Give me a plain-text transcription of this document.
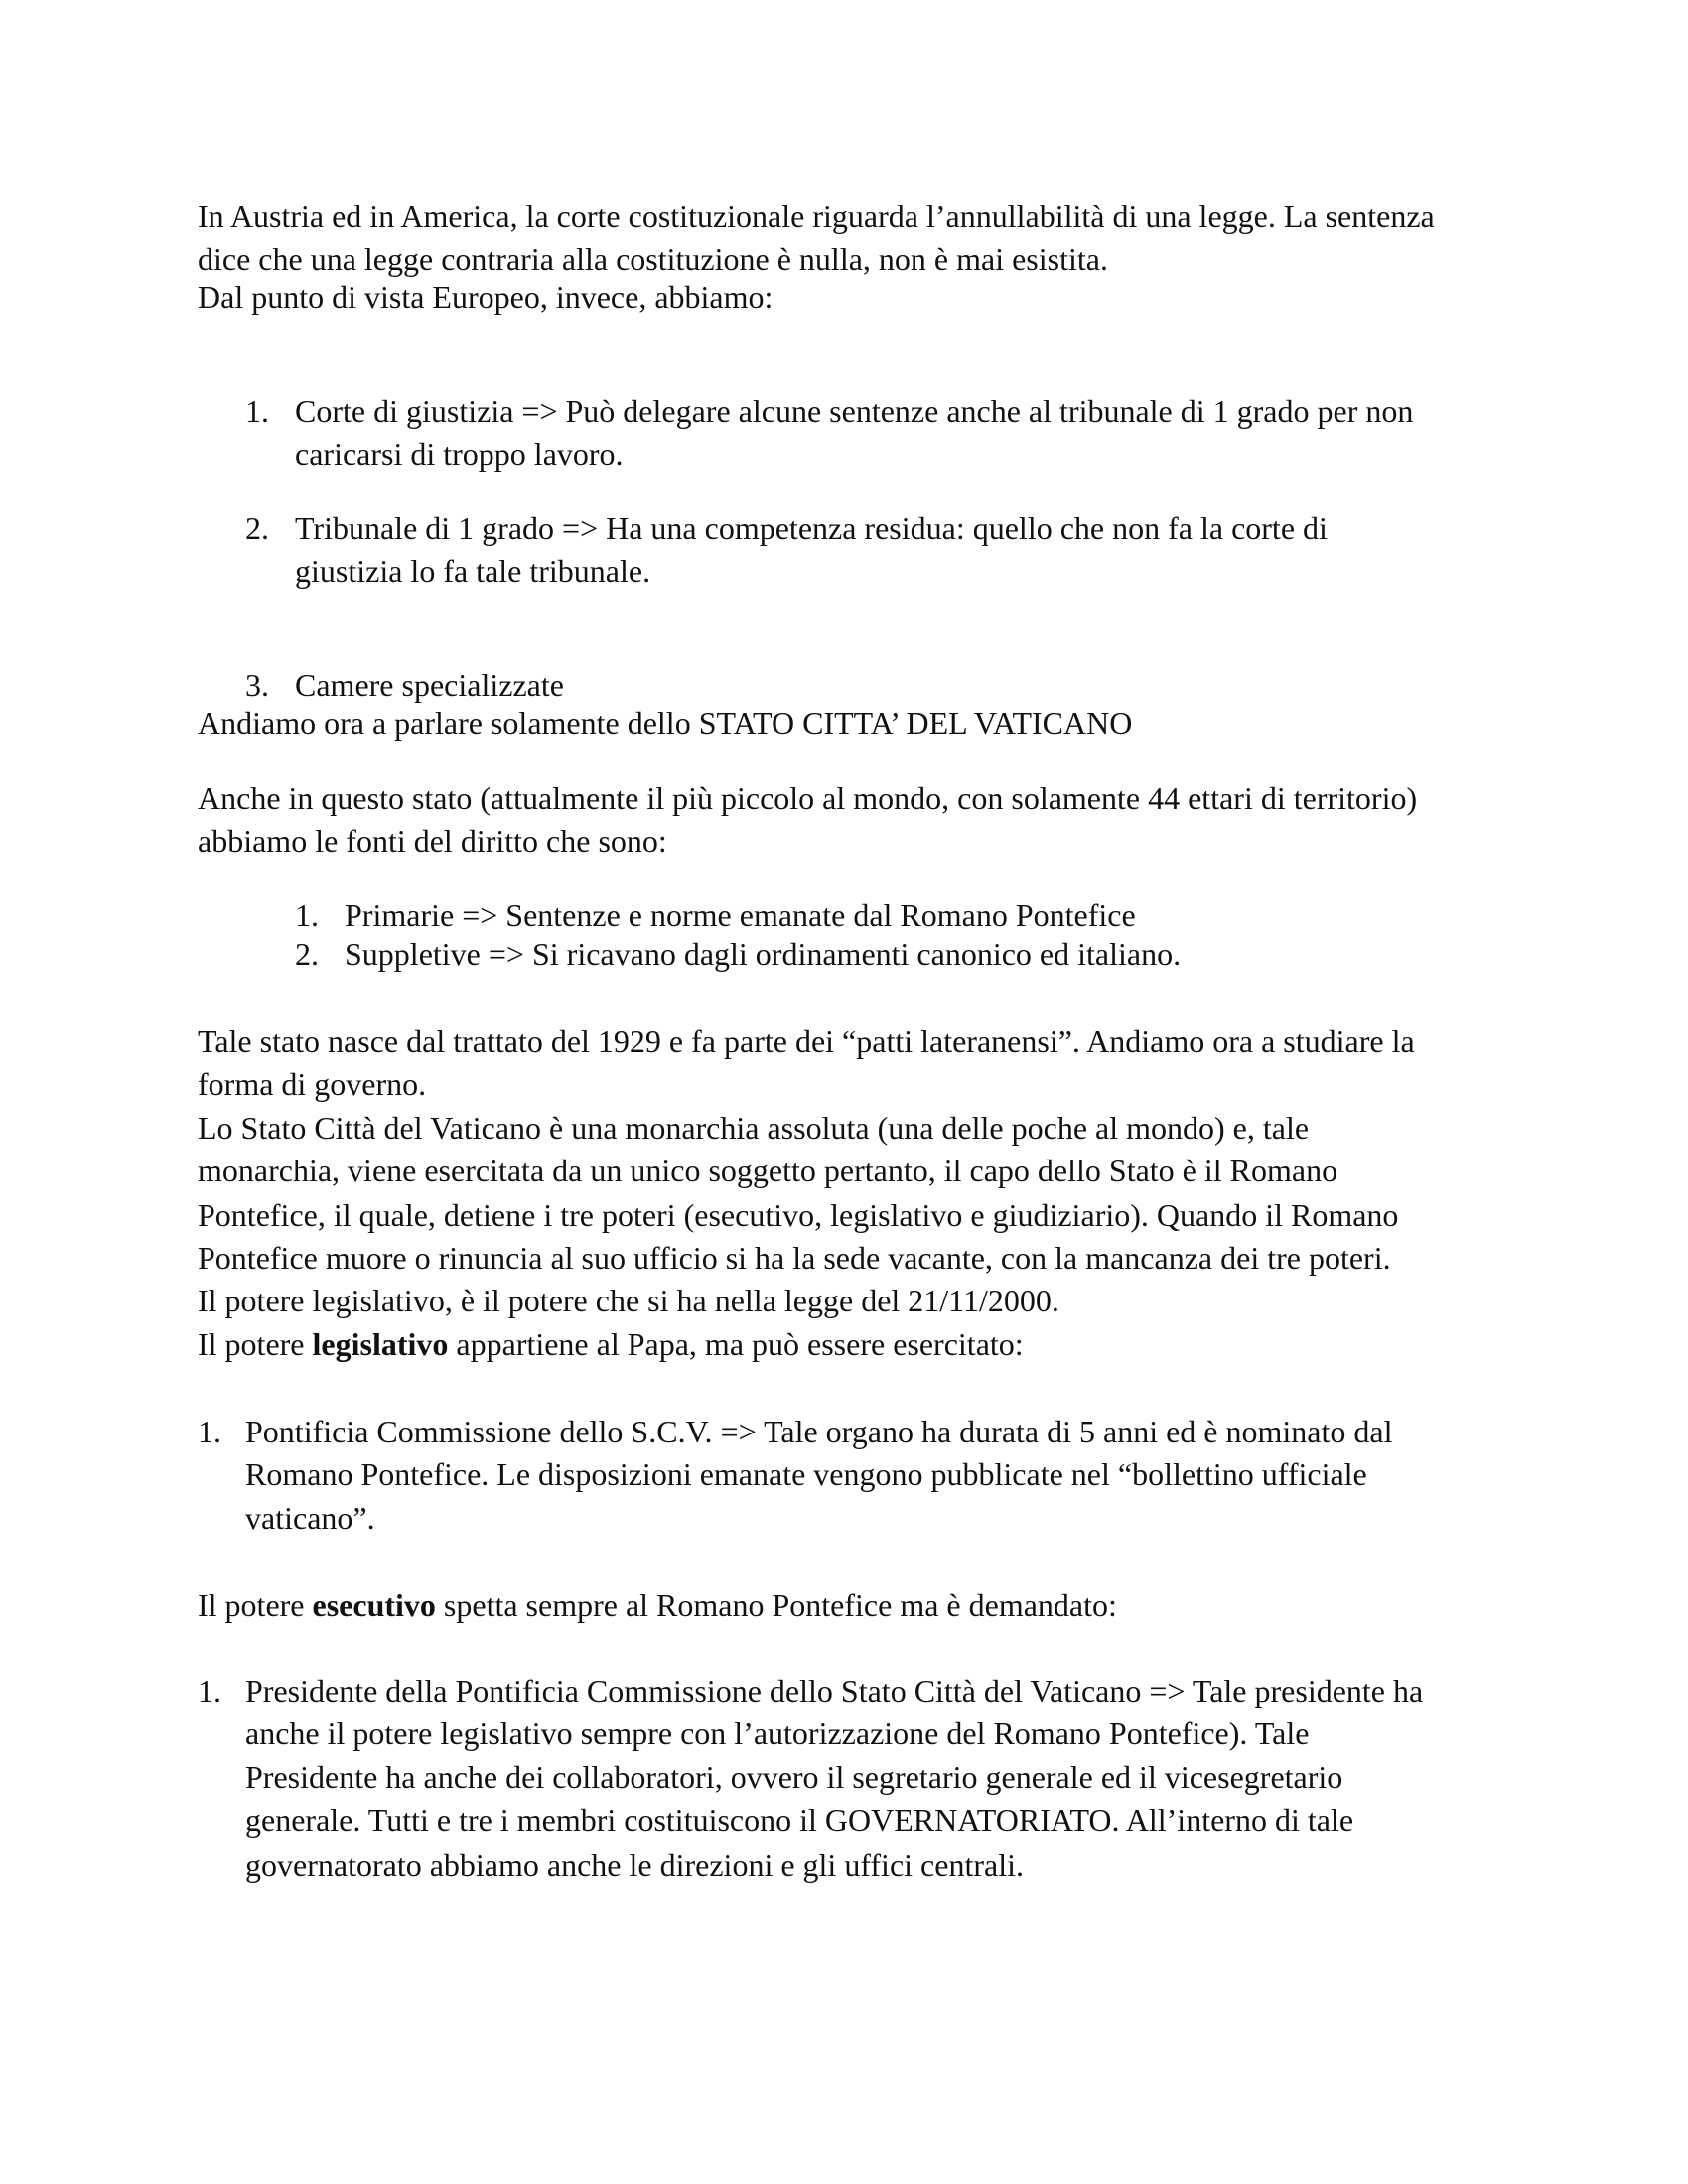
In Austria ed in America, la corte costituzionale riguarda l’annullabilità di una legge. La sentenza
dice che una legge contraria alla costituzione è nulla, non è mai esistita.
Dal punto di vista Europeo, invece, abbiamo:
1. Corte di giustizia => Può delegare alcune sentenze anche al tribunale di 1 grado per non
caricarsi di troppo lavoro.
2. Tribunale di 1 grado => Ha una competenza residua: quello che non fa la corte di
giustizia lo fa tale tribunale.
3. Camere specializzate
Andiamo ora a parlare solamente dello STATO CITTA’ DEL VATICANO
Anche in questo stato (attualmente il più piccolo al mondo, con solamente 44 ettari di territorio)
abbiamo le fonti del diritto che sono:
1. Primarie => Sentenze e norme emanate dal Romano Pontefice
2. Suppletive => Si ricavano dagli ordinamenti canonico ed italiano.
Tale stato nasce dal trattato del 1929 e fa parte dei “patti lateranensi”. Andiamo ora a studiare la
forma di governo.
Lo Stato Città del Vaticano è una monarchia assoluta (una delle poche al mondo) e, tale
monarchia, viene esercitata da un unico soggetto pertanto, il capo dello Stato è il Romano
Pontefice, il quale, detiene i tre poteri (esecutivo, legislativo e giudiziario). Quando il Romano
Pontefice muore o rinuncia al suo ufficio si ha la sede vacante, con la mancanza dei tre poteri.
Il potere legislativo, è il potere che si ha nella legge del 21/11/2000.
Il potere legislativo appartiene al Papa, ma può essere esercitato:
1. Pontificia Commissione dello S.C.V. => Tale organo ha durata di 5 anni ed è nominato dal
Romano Pontefice. Le disposizioni emanate vengono pubblicate nel “bollettino ufficiale
vaticano”.
Il potere esecutivo spetta sempre al Romano Pontefice ma è demandato:
1. Presidente della Pontificia Commissione dello Stato Città del Vaticano => Tale presidente ha
anche il potere legislativo sempre con l’autorizzazione del Romano Pontefice). Tale
Presidente ha anche dei collaboratori, ovvero il segretario generale ed il vicesegretario
generale. Tutti e tre i membri costituiscono il GOVERNATORIATO. All’interno di tale
governatorato abbiamo anche le direzioni e gli uffici centrali.
